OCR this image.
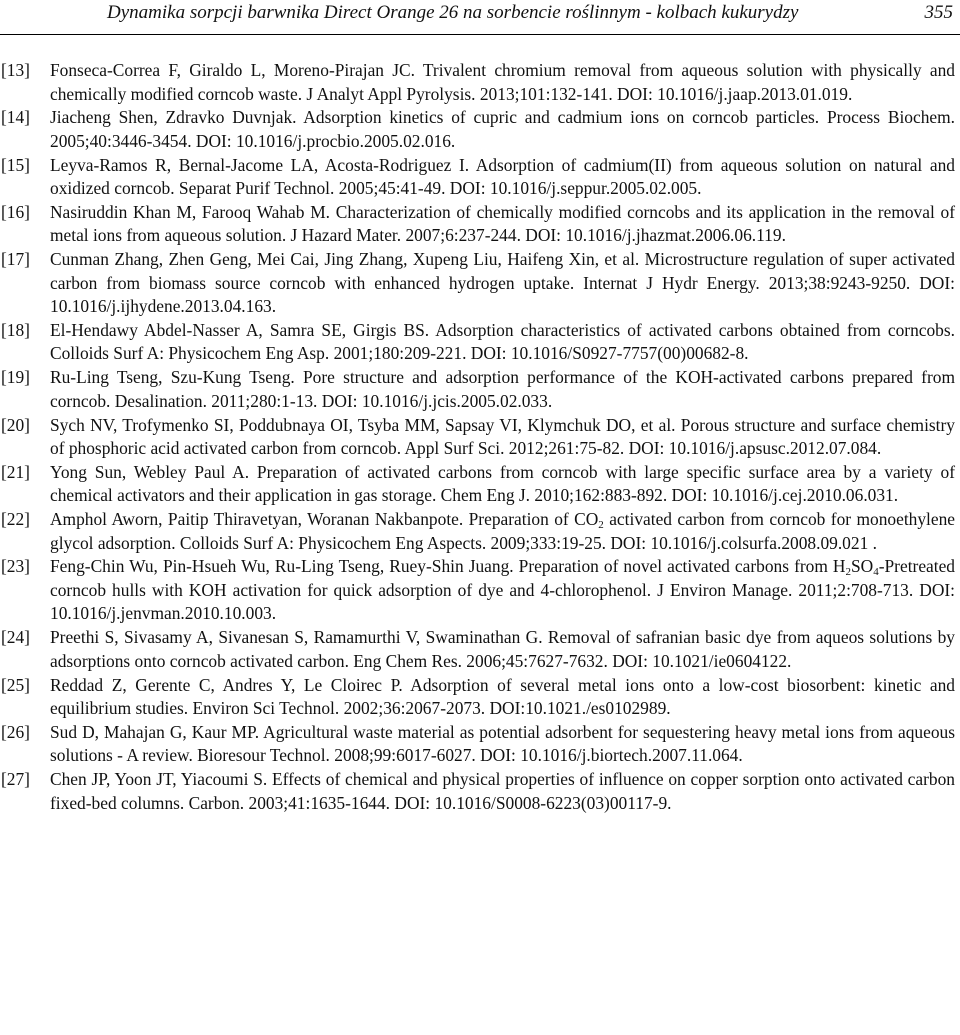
Dynamika sorpcji barwnika Direct Orange 26 na sorbencie roślinnym - kolbach kukurydzy	355
[13]	Fonseca-Correa F, Giraldo L, Moreno-Pirajan JC. Trivalent chromium removal from aqueous solution with physically and chemically modified corncob waste. J Analyt Appl Pyrolysis. 2013;101:132-141. DOI: 10.1016/j.jaap.2013.01.019.
[14]	Jiacheng Shen, Zdravko Duvnjak. Adsorption kinetics of cupric and cadmium ions on corncob particles. Process Biochem. 2005;40:3446-3454. DOI: 10.1016/j.procbio.2005.02.016.
[15]	Leyva-Ramos R, Bernal-Jacome LA, Acosta-Rodriguez I. Adsorption of cadmium(II) from aqueous solution on natural and oxidized corncob. Separat Purif Technol. 2005;45:41-49. DOI: 10.1016/j.seppur.2005.02.005.
[16]	Nasiruddin Khan M, Farooq Wahab M. Characterization of chemically modified corncobs and its application in the removal of metal ions from aqueous solution. J Hazard Mater. 2007;6:237-244. DOI: 10.1016/j.jhazmat.2006.06.119.
[17]	Cunman Zhang, Zhen Geng, Mei Cai, Jing Zhang, Xupeng Liu, Haifeng Xin, et al. Microstructure regulation of super activated carbon from biomass source corncob with enhanced hydrogen uptake. Internat J Hydr Energy. 2013;38:9243-9250. DOI: 10.1016/j.ijhydene.2013.04.163.
[18]	El-Hendawy Abdel-Nasser A, Samra SE, Girgis BS. Adsorption characteristics of activated carbons obtained from corncobs. Colloids Surf A: Physicochem Eng Asp. 2001;180:209-221. DOI: 10.1016/S0927-7757(00)00682-8.
[19]	Ru-Ling Tseng, Szu-Kung Tseng. Pore structure and adsorption performance of the KOH-activated carbons prepared from corncob. Desalination. 2011;280:1-13. DOI: 10.1016/j.jcis.2005.02.033.
[20]	Sych NV, Trofymenko SI, Poddubnaya OI, Tsyba MM, Sapsay VI, Klymchuk DO, et al. Porous structure and surface chemistry of phosphoric acid activated carbon from corncob. Appl Surf Sci. 2012;261:75-82. DOI: 10.1016/j.apsusc.2012.07.084.
[21]	Yong Sun, Webley Paul A. Preparation of activated carbons from corncob with large specific surface area by a variety of chemical activators and their application in gas storage. Chem Eng J. 2010;162:883-892. DOI: 10.1016/j.cej.2010.06.031.
[22]	Amphol Aworn, Paitip Thiravetyan, Woranan Nakbanpote. Preparation of $CO_2$ activated carbon from corncob for monoethylene glycol adsorption. Colloids Surf A: Physicochem Eng Aspects. 2009;333:19-25. DOI: 10.1016/j.colsurfa.2008.09.021 .
[23]	Feng-Chin Wu, Pin-Hsueh Wu, Ru-Ling Tseng, Ruey-Shin Juang. Preparation of novel activated carbons from $H_2SO_4$-Pretreated corncob hulls with KOH activation for quick adsorption of dye and 4-chlorophenol. J Environ Manage. 2011;2:708-713. DOI: 10.1016/j.jenvman.2010.10.003.
[24]	Preethi S, Sivasamy A, Sivanesan S, Ramamurthi V, Swaminathan G. Removal of safranian basic dye from aqueos solutions by adsorptions onto corncob activated carbon. Eng Chem Res. 2006;45:7627-7632. DOI: 10.1021/ie0604122.
[25]	Reddad Z, Gerente C, Andres Y, Le Cloirec P. Adsorption of several metal ions onto a low-cost biosorbent: kinetic and equilibrium studies. Environ Sci Technol. 2002;36:2067-2073. DOI:10.1021./es0102989.
[26]	Sud D, Mahajan G, Kaur MP. Agricultural waste material as potential adsorbent for sequestering heavy metal ions from aqueous solutions - A review. Bioresour Technol. 2008;99:6017-6027. DOI: 10.1016/j.biortech.2007.11.064.
[27]	Chen JP, Yoon JT, Yiacoumi S. Effects of chemical and physical properties of influence on copper sorption onto activated carbon fixed-bed columns. Carbon. 2003;41:1635-1644. DOI: 10.1016/S0008-6223(03)00117-9.
